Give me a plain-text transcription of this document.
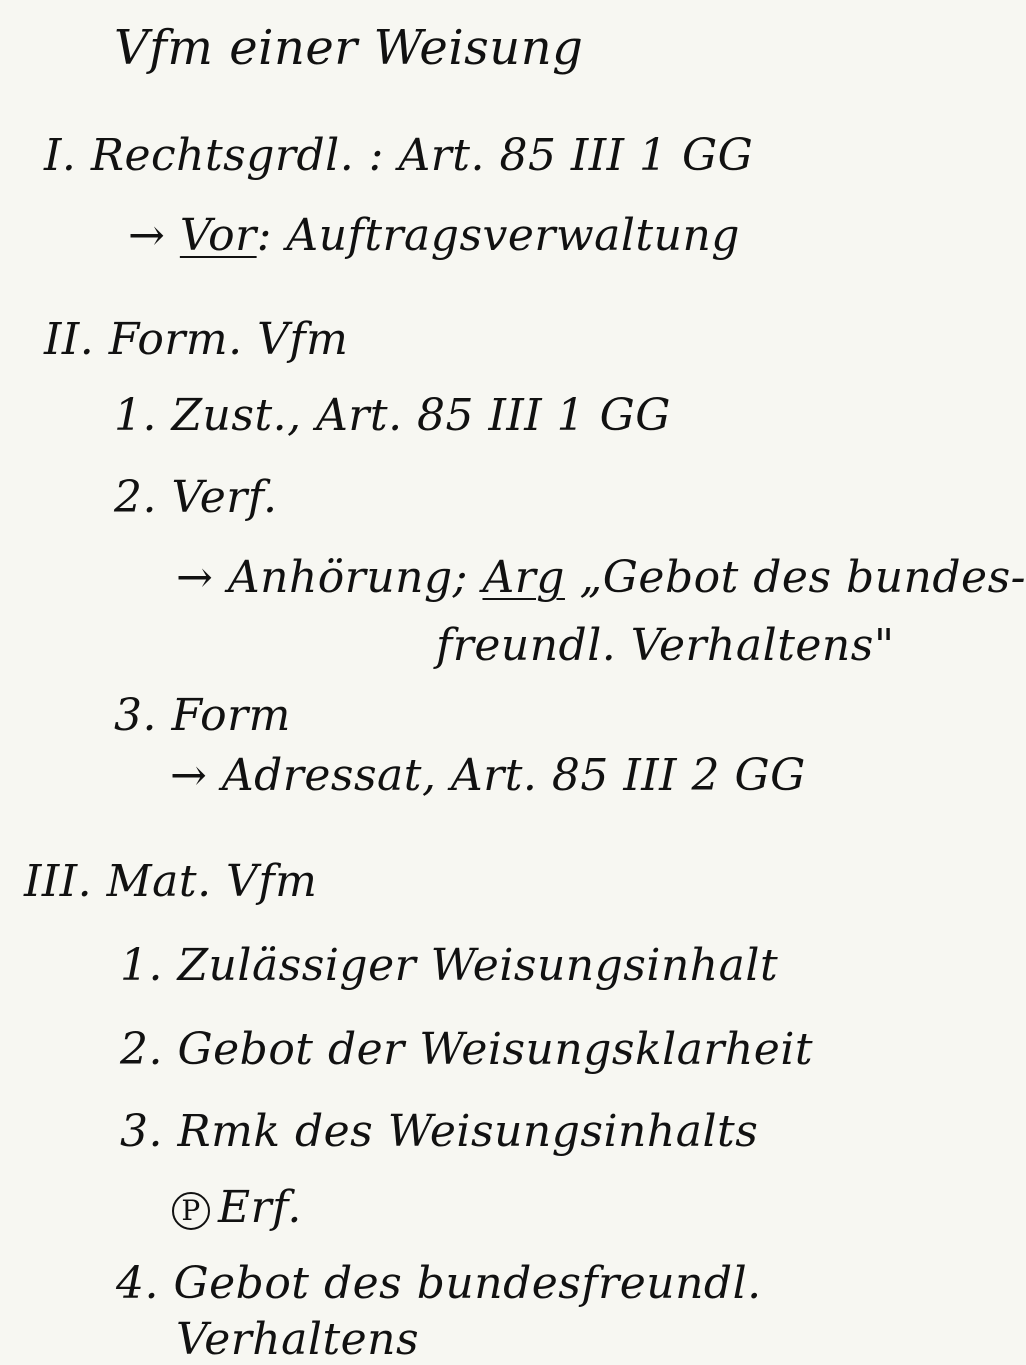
Vfm einer Weisung
I. Rechtsgrdl. : Art. 85 III 1 GG
→ Vor: Auftragsverwaltung
II. Form. Vfm
1. Zust., Art. 85 III 1 GG
2. Verf.
→ Anhörung; Arg „Gebot des bundes-
freundl. Verhaltens"
3. Form
→ Adressat, Art. 85 III 2 GG
III. Mat. Vfm
1. Zulässiger Weisungsinhalt
2. Gebot der Weisungsklarheit
3. Rmk des Weisungsinhalts
P Erf.
4. Gebot des bundesfreundl.
Verhaltens
